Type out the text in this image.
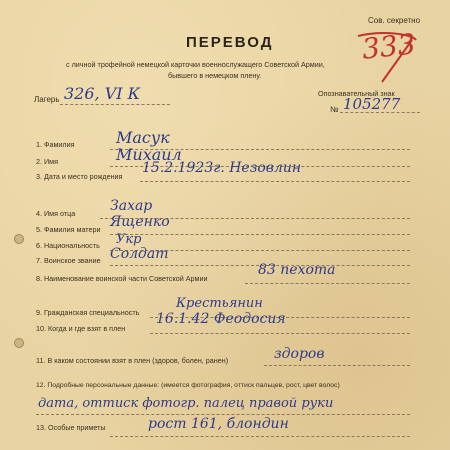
Сов. секретно
ПЕРЕВОД	333
с личной трофейной немецкой карточки военнослужащего Советской Армии,
бывшего в немецком плену.
Лагерь 326, VI К	Опознавательный знак
№ 105277
1. Фамилия	Масук
2. Имя	Михаил
3. Дата и место рождения
15.2.1923г. Незовлин
4. Имя отца Захар
5. Фамилия матери Ященко
6. Национальность Укр
7. Воинское звание Солдат
8. Наименование воинской части Советской Армии
83 пехота
9. Гражданская специальность
Крестьянин
10. Когда и где взят в плен
16.1.42 Феодосия
11. В каком состоянии взят в плен (здоров, болен, ранен)	здоров
12. Подробные персональные данные: (имеется фотография, оттиск пальцев, рост, цвет волос)
дата, оттиск фотогр. палец правой руки
13. Особые приметы	рост 161, блондин
